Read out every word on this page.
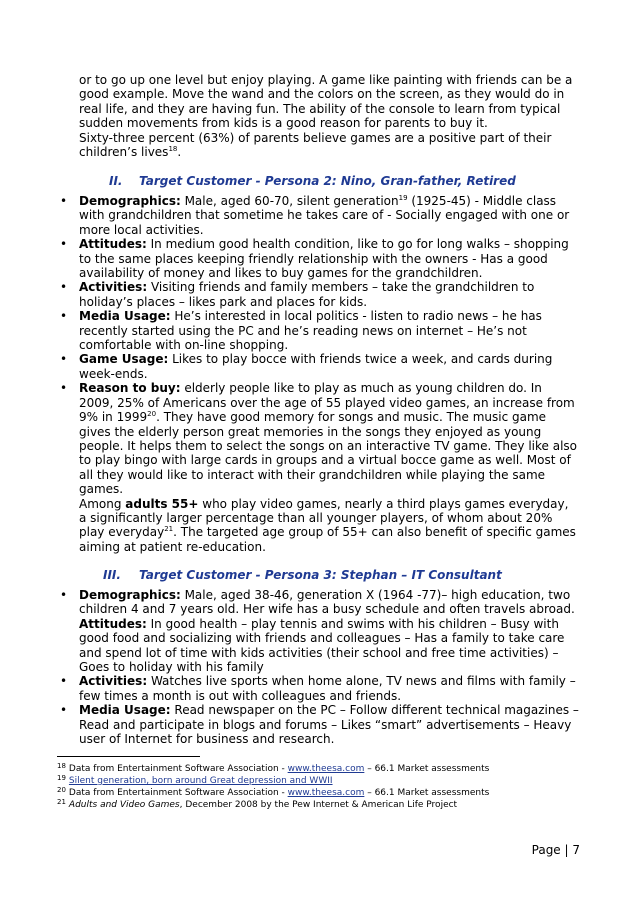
or to go up one level but enjoy playing. A game like painting with friends can be a good example. Move the wand and the colors on the screen, as they would do in real life, and they are having fun. The ability of the console to learn from typical sudden movements from kids is a good reason for parents to buy it.

Sixty-three percent (63%) of parents believe games are a positive part of their children’s lives$^{18}$.

II. Target Customer - Persona 2: Nino, Gran-father, Retired

• Demographics: Male, aged 60-70, silent generation$^{19}$ (1925-45) - Middle class with grandchildren that sometime he takes care of - Socially engaged with one or more local activities.

• Attitudes: In medium good health condition, like to go for long walks – shopping to the same places keeping friendly relationship with the owners - Has a good availability of money and likes to buy games for the grandchildren.

• Activities: Visiting friends and family members – take the grandchildren to holiday’s places – likes park and places for kids.

• Media Usage: He’s interested in local politics - listen to radio news – he has recently started using the PC and he’s reading news on internet – He’s not comfortable with on-line shopping.

• Game Usage: Likes to play bocce with friends twice a week, and cards during week-ends.

• Reason to buy: elderly people like to play as much as young children do. In 2009, 25% of Americans over the age of 55 played video games, an increase from 9% in 1999$^{20}$. They have good memory for songs and music. The music game gives the elderly person great memories in the songs they enjoyed as young people. It helps them to select the songs on an interactive TV game. They like also to play bingo with large cards in groups and a virtual bocce game as well. Most of all they would like to interact with their grandchildren while playing the same games.

Among adults 55+ who play video games, nearly a third plays games everyday, a significantly larger percentage than all younger players, of whom about 20% play everyday$^{21}$. The targeted age group of 55+ can also benefit of specific games aiming at patient re-education.

III. Target Customer - Persona 3: Stephan – IT Consultant

• Demographics: Male, aged 38-46, generation X (1964 -77)– high education, two children 4 and 7 years old. Her wife has a busy schedule and often travels abroad.

Attitudes: In good health – play tennis and swims with his children – Busy with good food and socializing with friends and colleagues – Has a family to take care and spend lot of time with kids activities (their school and free time activities) – Goes to holiday with his family

• Activities: Watches live sports when home alone, TV news and films with family – few times a month is out with colleagues and friends.

• Media Usage: Read newspaper on the PC – Follow different technical magazines – Read and participate in blogs and forums – Likes “smart” advertisements – Heavy user of Internet for business and research.

$^{18}$ Data from Entertainment Software Association - www.theesa.com – 66.1 Market assessments
$^{19}$ Silent generation, born around Great depression and WWII
$^{20}$ Data from Entertainment Software Association - www.theesa.com – 66.1 Market assessments
$^{21}$ Adults and Video Games, December 2008 by the Pew Internet & American Life Project
Page | 7
